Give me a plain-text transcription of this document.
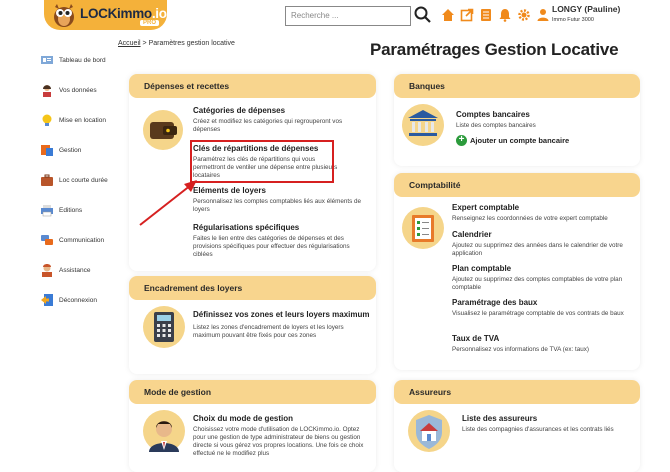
LOCKimmo.io
PRO
Recherche ...
LONGY (Pauline)
Immo Futur 3000
Tableau de bord
Vos données
Mise en location
Gestion
Loc courte durée
Editions
Communication
Assistance
Déconnexion
Accueil > Paramètres gestion locative	Paramétrages Gestion Locative
Dépenses et recettes
Catégories de dépenses
Créez et modifiez les catégories qui regrouperont vos dépenses
Clés de répartitions de dépenses
Paramétrez les clés de répartitions qui vous permettront de ventiler une dépense entre plusieurs locataires
Eléments de loyers
Personnalisez les comptes comptables liés aux éléments de loyers
Régularisations spécifiques
Faites le lien entre des catégories de dépenses et des provisions spécifiques pour effectuer des régularisations ciblées
Encadrement des loyers
Définissez vos zones et leurs loyers maximum
Listez les zones d'encadrement de loyers et les loyers maximum pouvant être fixés pour ces zones
Mode de gestion
Choix du mode de gestion
Choisissez votre mode d'utilisation de LOCKimmo.io. Optez pour une gestion de type administrateur de biens ou gestion directe si vous gérez vos propres locations. Une fois ce choix effectué ne le modifiez plus
Banques
Comptes bancaires
Liste des comptes bancaires
+ Ajouter un compte bancaire
Comptabilité
Expert comptable
Renseignez les coordonnées de votre expert comptable
Calendrier
Ajoutez ou supprimez des années dans le calendrier de votre application
Plan comptable
Ajoutez ou supprimez des comptes comptables de votre plan comptable
Paramétrage des baux
Visualisez le paramétrage comptable de vos contrats de baux
Taux de TVA
Personnalisez vos informations de TVA (ex: taux)
Assureurs
Liste des assureurs
Liste des compagnies d'assurances et les contrats liés
